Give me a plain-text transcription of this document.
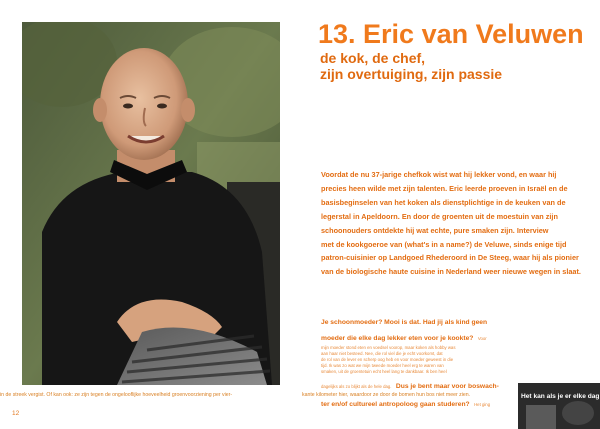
13. Eric van Veluwen
de kok, de chef,
zijn overtuiging, zijn passie
Voordat de nu 37-jarige chefkok wist wat hij lekker vond, en waar hij
precies heen wilde met zijn talenten. Eric leerde proeven in Israël en de
basisbeginselen van het koken als dienstplichtige in de keuken van de
legerstal in Apeldoorn. En door de groenten uit de moestuin van zijn
schoonouders ontdekte hij wat echte, pure smaken zijn. Interview
met de kookgoeroe van (what's in a name?) de Veluwe, sinds enige tijd
patron-cuisinier op Landgoed Rhederoord in De Steeg, waar hij als pionier
van de biologische haute cuisine in Nederland weer nieuwe wegen in slaat.
Je schoonmoeder? Mooi is dat. Had jij als kind geen
moeder die elke dag lekker eten voor je kookte? Voor
mijn moeder stond eten en voedsel voorop, maar koken als hobby was
aan haar niet besteed. Nee, die rol viel die je echt voorkomt, dat
de rol van de lever en scherp oog heb en voor moeder geweest in die
tijd. Ik was zo wat we mijn tweede moeder heel erg te waren van
smaken, uit de groentetuin echt heel lang te dankbaar. Ik ben heel
dagelijks als zo blijkt als de hele dag. Dus je bent maar voor boswach-
ter en/of cultureel antropoloog gaan studeren? Het ging
in de streek vergist. Of kan ook: ze zijn tegen de ongelooflijke hoeveelheid groenvoorziening per vier-	kante kilometer hier, waardoor ze door de bomen hun bos niet meer zien.
12
Het kan als je er elke dag
